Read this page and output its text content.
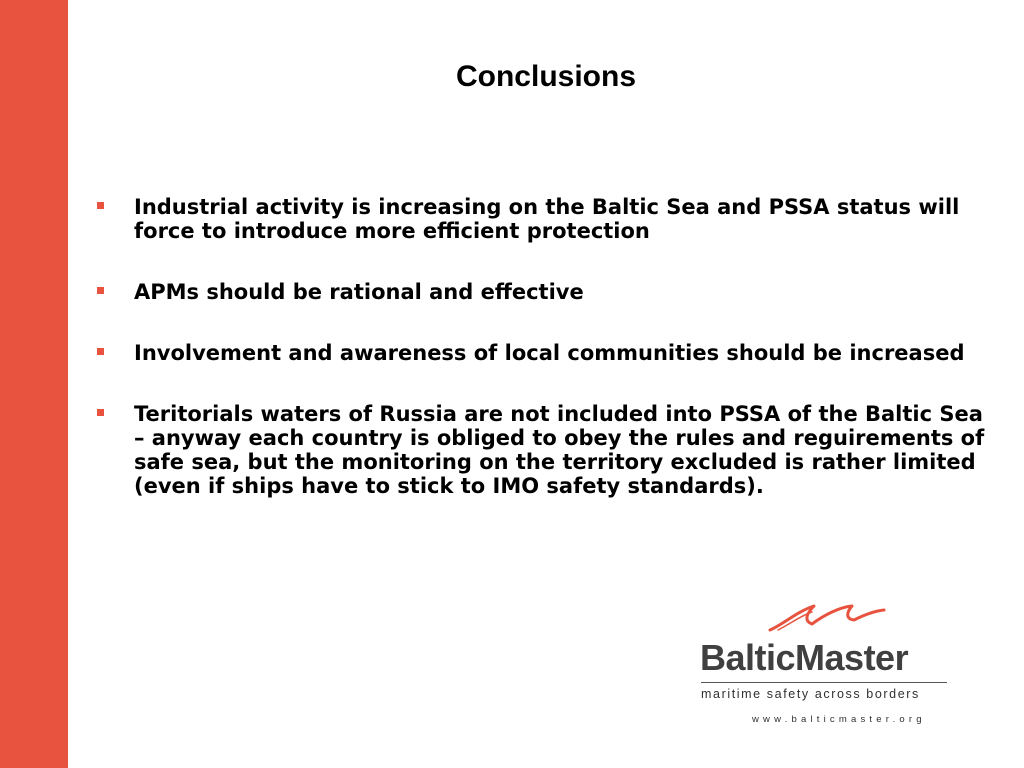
Conclusions
Industrial activity is increasing on the Baltic Sea and PSSA status will force to introduce more efficient protection
APMs should be rational and effective
Involvement and awareness of local communities should be increased
Teritorials waters of Russia are not included into PSSA of the Baltic Sea – anyway each country is obliged to obey the rules and reguirements of safe sea, but the monitoring on the territory excluded is rather limited (even if ships have to stick to IMO safety standards).
BalticMaster
maritime safety across borders
www.balticmaster.org
